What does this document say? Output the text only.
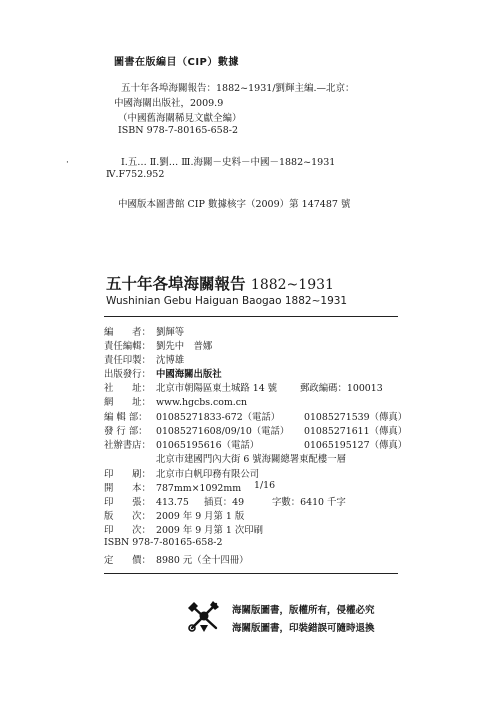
圖書在版編目（CIP）數據
五十年各埠海關報告：1882~1931/劉輝主編.—北京：
中國海關出版社，2009.9
（中國舊海關稀見文獻全編）
ISBN 978-7-80165-658-2
·	Ⅰ.五… Ⅱ.劉… Ⅲ.海關－史料－中國－1882~1931
Ⅳ.F752.952
中國版本圖書館 CIP 數據核字（2009）第 147487 號
五十年各埠海關報告 1882~1931
Wushinian Gebu Haiguan Baogao 1882~1931
編　　者： 劉輝等
責任編輯： 劉先中　普娜
責任印製： 沈博雄
出版發行： 中國海關出版社
社　　址： 北京市朝陽區東土城路 14 號 郵政編碼：100013
網　　址： www.hgcbs.com.cn
編 輯 部： 01085271833-672（電話）	01085271539（傳真）
發 行 部： 01085271608/09/10（電話） 01085271611（傳真）
社辦書店： 01065195616（電話）	01065195127（傳真）
北京市建國門內大街 6 號海關總署東配樓一層
印　　刷： 北京市白帆印務有限公司
開　　本： 787mm×1092mm 1/16
印　　張： 413.75 插頁：49	字數：6410 千字
版　　次： 2009 年 9 月第 1 版
印　　次： 2009 年 9 月第 1 次印刷
ISBN 978-7-80165-658-2
定　　價： 8980 元（全十四冊）
海關版圖書，版權所有，侵權必究
海關版圖書，印裝錯誤可隨時退換
